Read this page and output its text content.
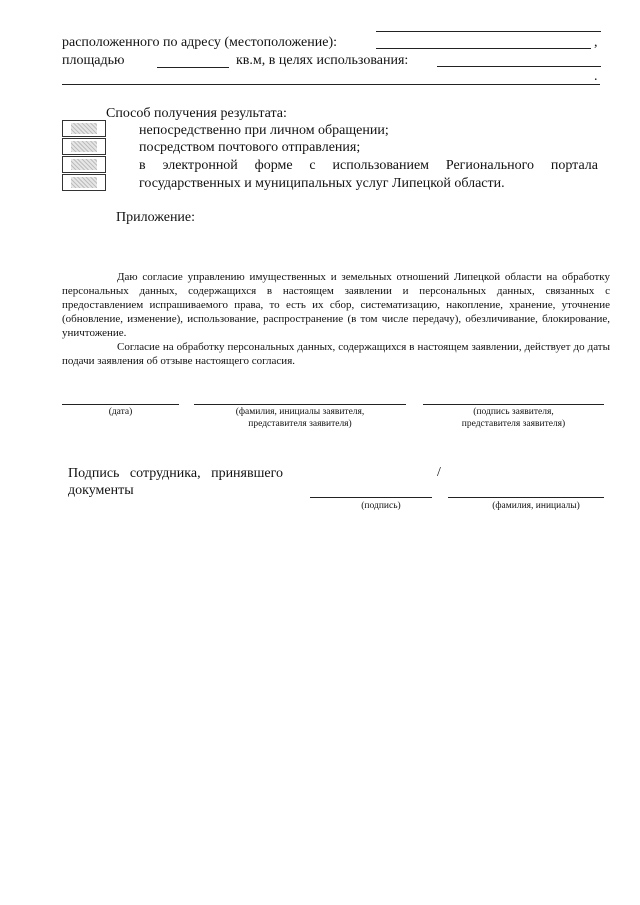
расположенного по адресу (местоположение):	,
площадью	кв.м, в целях использования:
.
Способ получения результата:
непосредственно при личном обращении;
посредством почтового отправления;
в электронной форме с использованием Регионального портала
государственных и муниципальных услуг Липецкой области.
Приложение:

Даю согласие управлению имущественных и земельных отношений Липецкой области на обработку персональных данных, содержащихся в настоящем заявлении и персональных данных, связанных с предоставлением испрашиваемого права, то есть их сбор, систематизацию, накопление, хранение, уточнение (обновление, изменение), использование, распространение (в том числе передачу), обезличивание, блокирование, уничтожение.

Согласие на обработку персональных данных, содержащихся в настоящем заявлении, действует до даты подачи заявления об отзыве настоящего согласия.

(дата)	(фамилия, инициалы заявителя,
представителя заявителя)
(подпись заявителя,
представителя заявителя)
Подпись   сотрудника,   принявшего
документы
/
(подпись)	(фамилия, инициалы)
